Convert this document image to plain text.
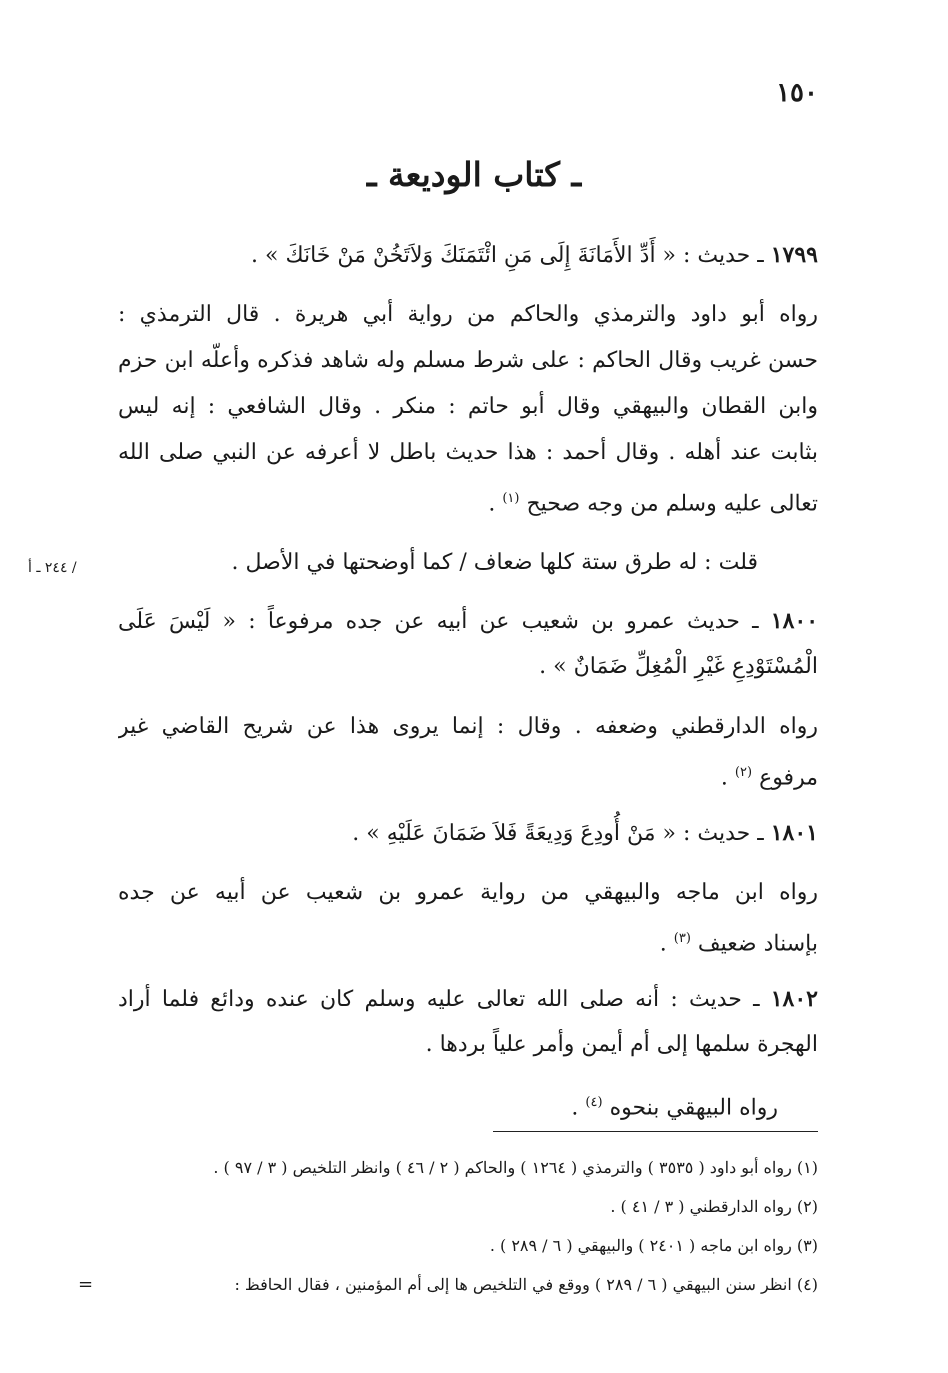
١٥٠
ـ كتاب الوديعة ـ
/ ٢٤٤ ـ أ
١٧٩٩ ـ حديث : « أَدِّ الأَمَانَةَ إِلَى مَنِ ائْتَمَنَكَ وَلاَتَخُنْ مَنْ خَانَكَ » .
رواه أبو داود والترمذي والحاكم من رواية أبي هريرة . قال الترمذي :
حسن غريب وقال الحاكم : على شرط مسلم وله شاهد فذكره وأعلّه ابن حزم
وابن القطان والبيهقي وقال أبو حاتم : منكر . وقال الشافعي : إنه ليس
بثابت عند أهله . وقال أحمد : هذا حديث باطل لا أعرفه عن النبي صلى الله
تعالى عليه وسلم من وجه صحيح $^{(١)}$ .
قلت : له طرق ستة كلها ضعاف / كما أوضحتها في الأصل .
١٨٠٠ ـ حديث عمرو بن شعيب عن أبيه عن جده مرفوعاً : « لَيْسَ عَلَى
الْمُسْتَوْدِعِ غَيْرِ الْمُغِلِّ ضَمَانٌ » .
رواه الدارقطني وضعفه . وقال : إنما يروى هذا عن شريح القاضي غير
مرفوع $^{(٢)}$ .
١٨٠١ ـ حديث : « مَنْ أُودِعَ وَدِيعَةً فَلاَ ضَمَانَ عَلَيْهِ » .
رواه ابن ماجه والبيهقي من رواية عمرو بن شعيب عن أبيه عن جده
بإسناد ضعيف $^{(٣)}$ .
١٨٠٢ ـ حديث : أنه صلى الله تعالى عليه وسلم كان عنده ودائع فلما أراد
الهجرة سلمها إلى أم أيمن وأمر علياً بردها .
رواه البيهقي بنحوه $^{(٤)}$ .
(١) رواه أبو داود ( ٣٥٣٥ ) والترمذي ( ١٢٦٤ ) والحاكم ( ٢ / ٤٦ ) وانظر التلخيص ( ٣ / ٩٧ ) .
(٢) رواه الدارقطني ( ٣ / ٤١ ) .
(٣) رواه ابن ماجه ( ٢٤٠١ ) والبيهقي ( ٦ / ٢٨٩ ) .
(٤) انظر سنن البيهقي ( ٦ / ٢٨٩ ) ووقع في التلخيص ها إلى أم المؤمنين ، فقال الحافظ :
=
